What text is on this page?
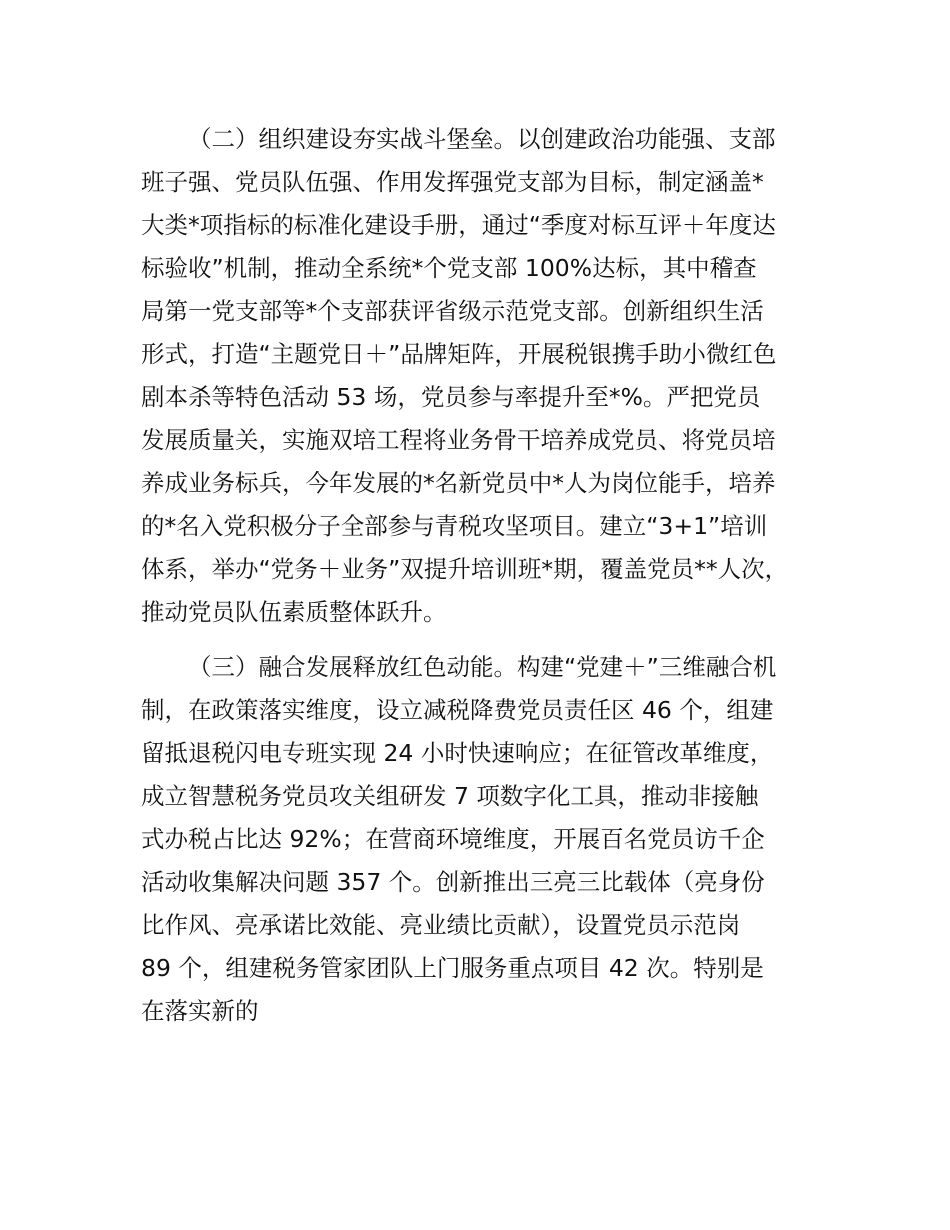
（二）组织建设夯实战斗堡垒。以创建政治功能强、支部
班子强、党员队伍强、作用发挥强党支部为目标，制定涵盖*
大类*项指标的标准化建设手册，通过“季度对标互评＋年度达
标验收”机制，推动全系统*个党支部 100%达标，其中稽查
局第一党支部等*个支部获评省级示范党支部。创新组织生活
形式，打造“主题党日＋”品牌矩阵，开展税银携手助小微红色
剧本杀等特色活动 53 场，党员参与率提升至*%。严把党员
发展质量关，实施双培工程将业务骨干培养成党员、将党员培
养成业务标兵，今年发展的*名新党员中*人为岗位能手，培养
的*名入党积极分子全部参与青税攻坚项目。建立“3+1”培训
体系，举办“党务＋业务”双提升培训班*期，覆盖党员**人次，
推动党员队伍素质整体跃升。
（三）融合发展释放红色动能。构建“党建＋”三维融合机
制，在政策落实维度，设立减税降费党员责任区 46 个，组建
留抵退税闪电专班实现 24 小时快速响应；在征管改革维度，
成立智慧税务党员攻关组研发 7 项数字化工具，推动非接触
式办税占比达 92%；在营商环境维度，开展百名党员访千企
活动收集解决问题 357 个。创新推出三亮三比载体（亮身份
比作风、亮承诺比效能、亮业绩比贡献），设置党员示范岗
89 个，组建税务管家团队上门服务重点项目 42 次。特别是
在落实新的
